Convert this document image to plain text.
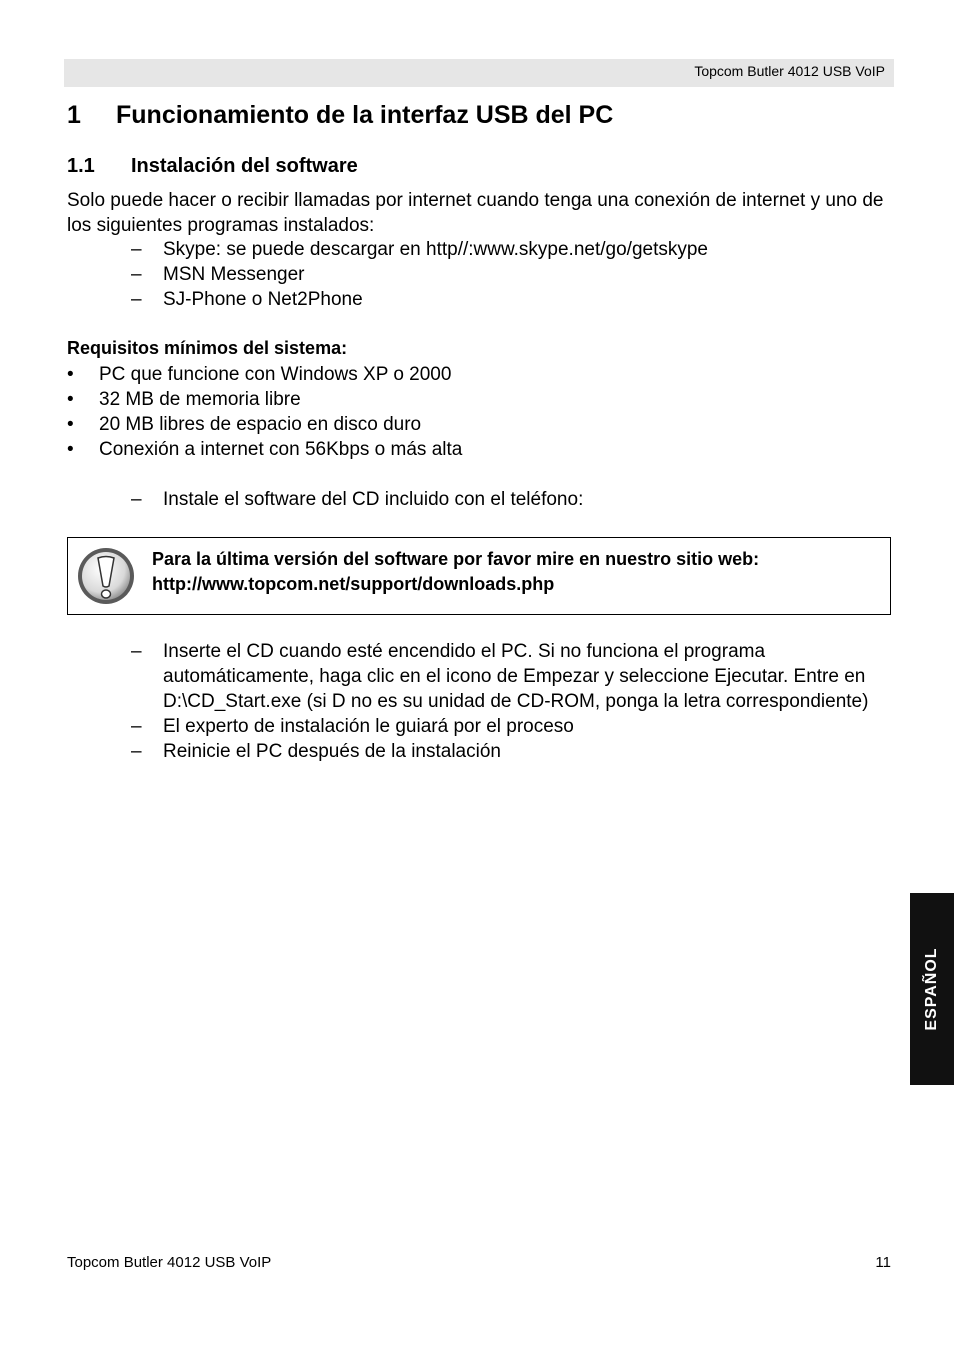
Topcom Butler 4012 USB VoIP
1 Funcionamiento de la interfaz USB del PC
1.1 Instalación del software
Solo puede hacer o recibir llamadas por internet cuando tenga una conexión de internet y uno de los siguientes programas instalados:
– Skype: se puede descargar en http//:www.skype.net/go/getskype
– MSN Messenger
– SJ-Phone o Net2Phone
Requisitos mínimos del sistema:
• PC que funcione con Windows XP o 2000
• 32 MB de memoria libre
• 20 MB libres de espacio en disco duro
• Conexión a internet con 56Kbps o más alta
– Instale el software del CD incluido con el teléfono:
Para la última versión del software por favor mire en nuestro sitio web:
http://www.topcom.net/support/downloads.php
– Inserte el CD cuando esté encendido el PC. Si no funciona el programa automáticamente, haga clic en el icono de Empezar y seleccione Ejecutar. Entre en D:\CD_Start.exe (si D no es su unidad de CD-ROM, ponga la letra correspondiente)
– El experto de instalación le guiará por el proceso
– Reinicie el PC después de la instalación
ESPAÑOL
Topcom Butler 4012 USB VoIP	11
